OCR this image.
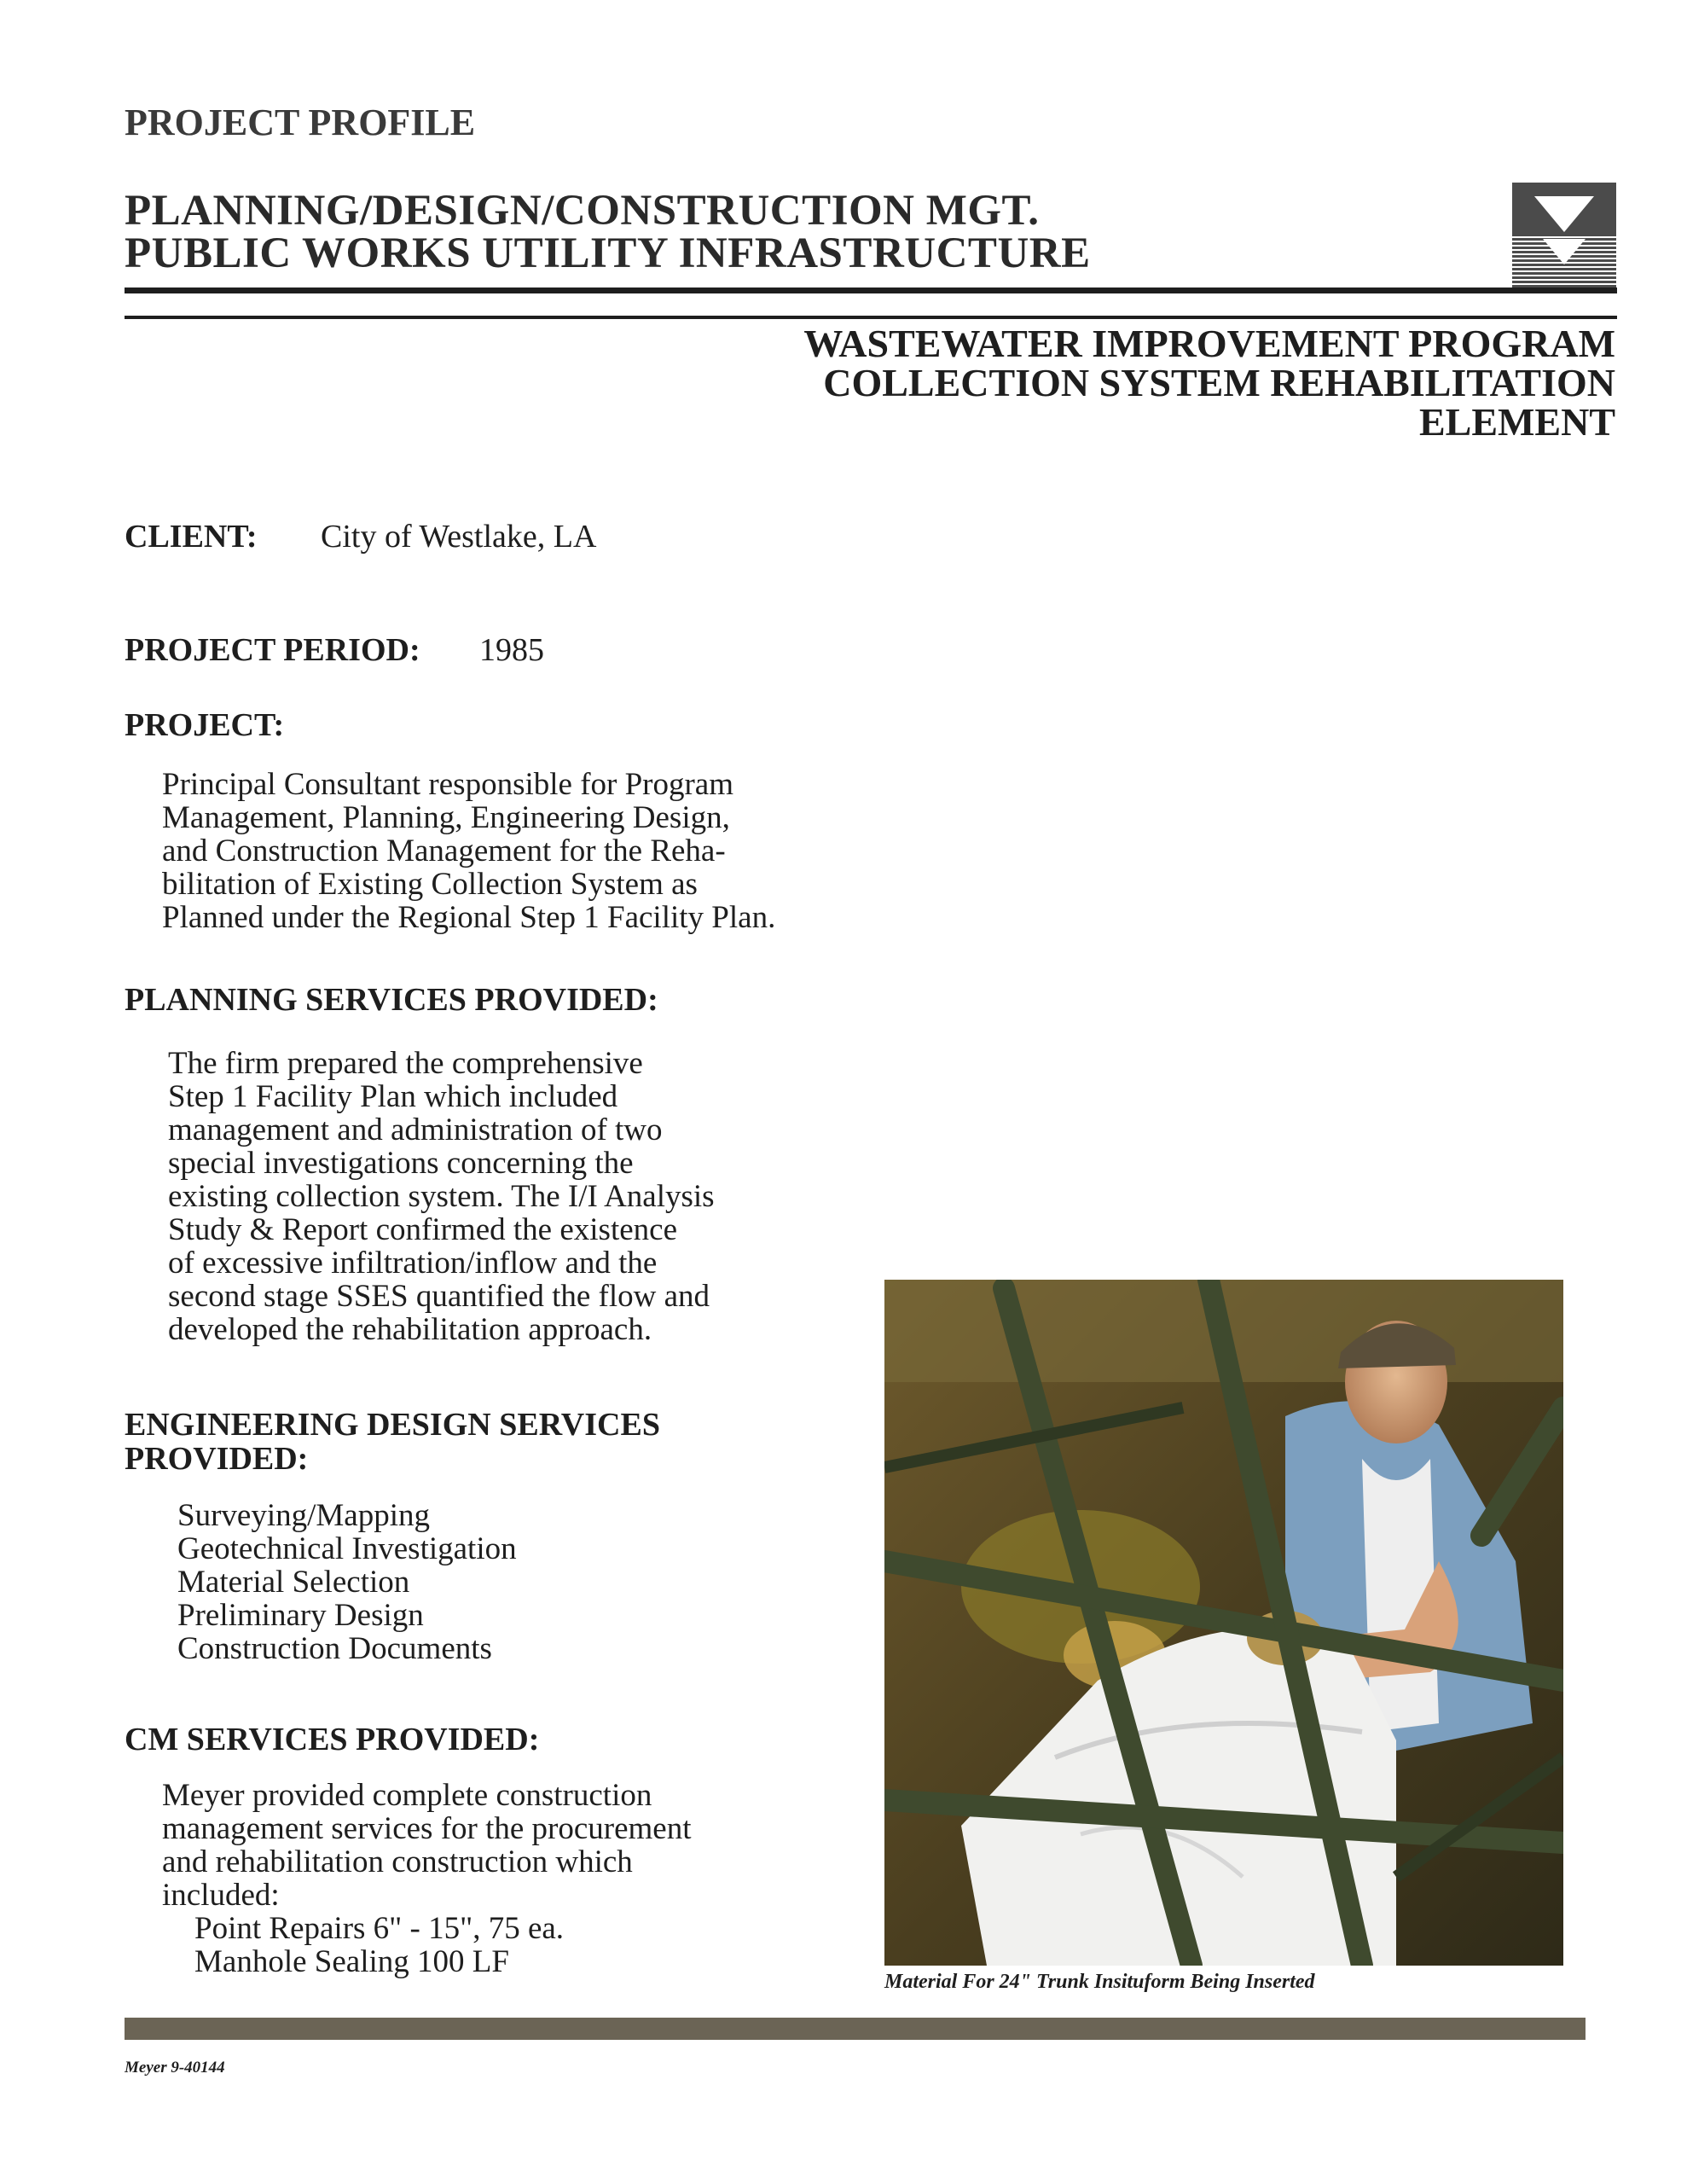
PROJECT PROFILE
PLANNING/DESIGN/CONSTRUCTION MGT.
PUBLIC WORKS UTILITY INFRASTRUCTURE
WASTEWATER IMPROVEMENT PROGRAM
COLLECTION SYSTEM REHABILITATION
ELEMENT
CLIENT: City of Westlake, LA
PROJECT PERIOD: 1985
PROJECT:
Principal Consultant responsible for Program
Management, Planning, Engineering Design,
and Construction Management for the Reha-
bilitation of Existing Collection System as
Planned under the Regional Step 1 Facility Plan.
PLANNING SERVICES PROVIDED:
The firm prepared the comprehensive
Step 1 Facility Plan which included
management and administration of two
special investigations concerning the
existing collection system. The I/I Analysis
Study & Report confirmed the existence
of excessive infiltration/inflow and the
second stage SSES quantified the flow and
developed the rehabilitation approach.
ENGINEERING DESIGN SERVICES
PROVIDED:
Surveying/Mapping
Geotechnical Investigation
Material Selection
Preliminary Design
Construction Documents
CM SERVICES PROVIDED:
Meyer provided complete construction
management services for the procurement
and rehabilitation construction which
included:
Point Repairs 6" - 15", 75 ea.
Manhole Sealing 100 LF
Material For 24" Trunk Insituform Being Inserted
Meyer 9-40144
